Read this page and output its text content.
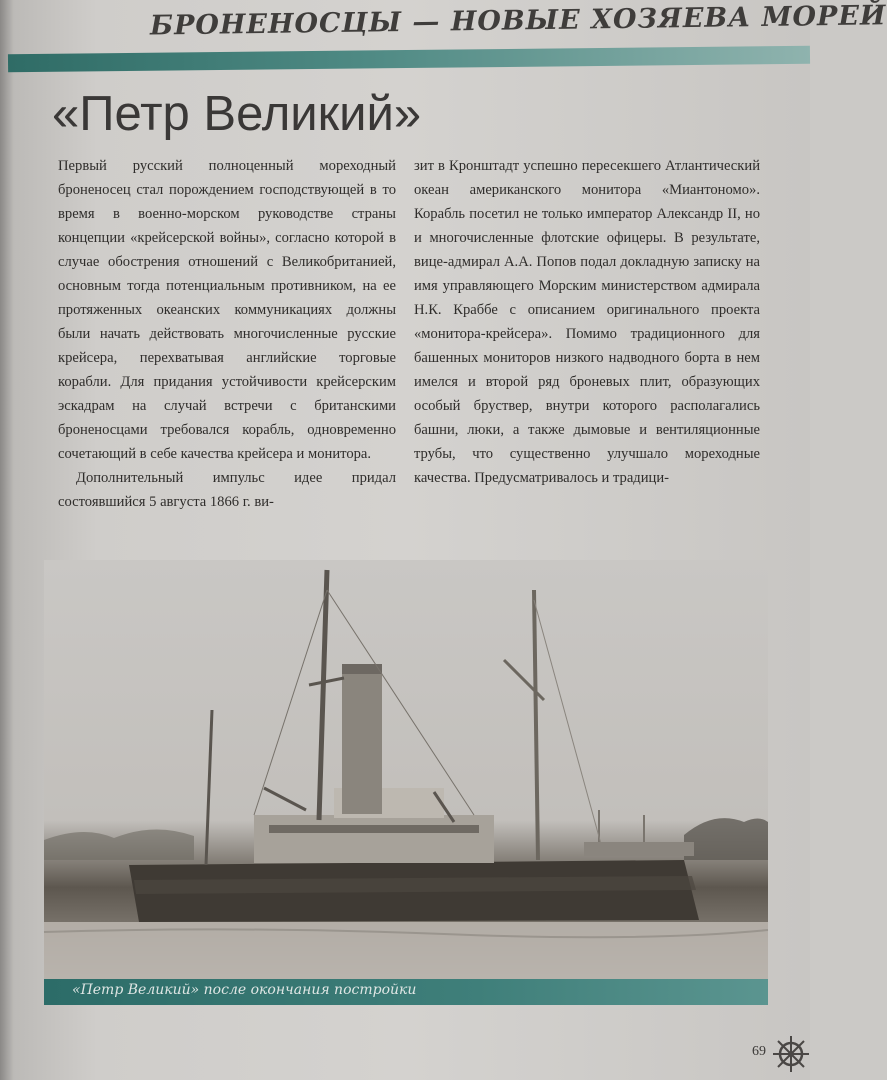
БРОНЕНОСЦЫ — НОВЫЕ ХОЗЯЕВА МОРЕЙ
«Петр Великий»

Первый русский полноценный мореходный броненосец стал порождением господствующей в то время в военно-морском руководстве страны концепции «крейсерской войны», согласно которой в случае обострения отношений с Великобританией, основным тогда потенциальным противником, на ее протяженных океанских коммуникациях должны были начать действовать многочисленные русские крейсера, перехватывая английские торговые корабли. Для придания устойчивости крейсерским эскадрам на случай встречи с британскими броненосцами требовался корабль, одновременно сочетающий в себе качества крейсера и монитора.

Дополнительный импульс идее придал состоявшийся 5 августа 1866 г. ви-

зит в Кронштадт успешно пересекшего Атлантический океан американского монитора «Миантономо». Корабль посетил не только император Александр II, но и многочисленные флотские офицеры. В результате, вице-адмирал А.А. Попов подал докладную записку на имя управляющего Морским министерством адмирала Н.К. Краббе с описанием оригинального проекта «монитора-крейсера». Помимо традиционного для башенных мониторов низкого надводного борта в нем имелся и второй ряд броневых плит, образующих особый бруствер, внутри которого располагались башни, люки, а также дымовые и вентиляционные трубы, что существенно улучшало мореходные качества. Предусматривалось и традици-

«Петр Великий» после окончания постройки
69
